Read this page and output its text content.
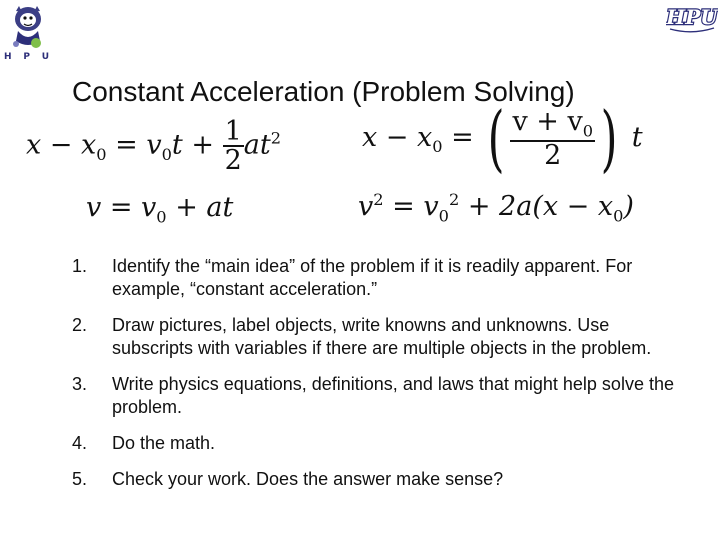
H P U
HPU
Constant Acceleration (Problem Solving)
$x - x_0 = v_0t + \frac{1}{2} at^2$	$x - x_0$ = ( $\frac{v + v_0}{2}$ ) t
$v = v_0$ + at	$v^2 = v_0^2 + 2a(x - x_0)$
1.	Identify the “main idea” of the problem if it is readily apparent. For example, “constant acceleration.”
2.	Draw pictures, label objects, write knowns and unknowns. Use subscripts with variables if there are multiple objects in the problem.
3.	Write physics equations, definitions, and laws that might help solve the problem.
4.	Do the math.
5.	Check your work. Does the answer make sense?
